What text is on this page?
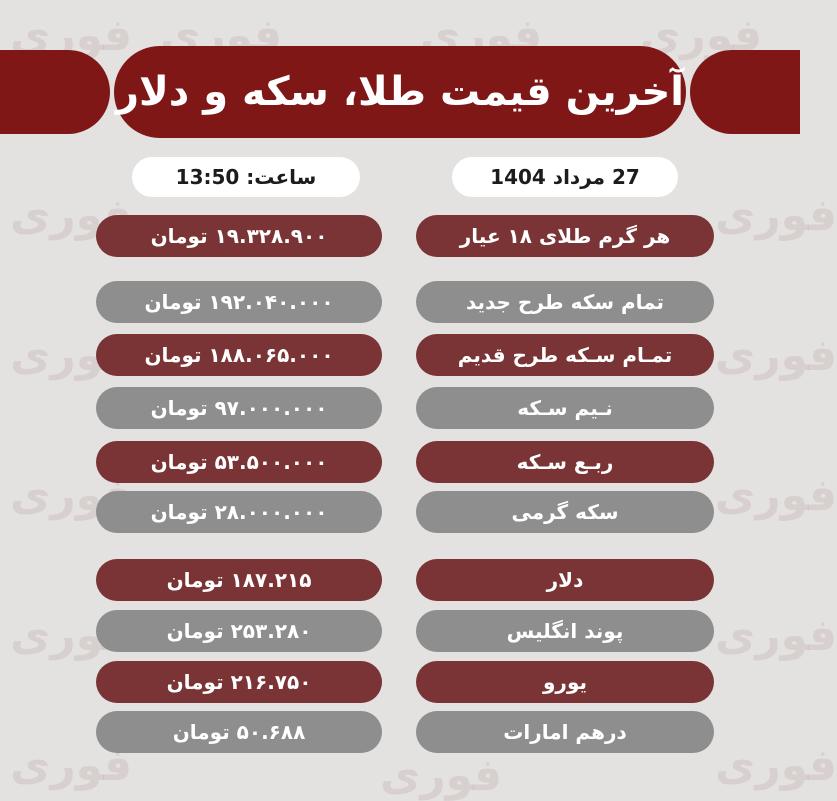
فوری فوری	فوری فوری
فوری	فوری
فوری	فوری
فوری	فوری
فوری	فوری
فوری	فوری	فوری
آخرین قیمت طلا، سکه و دلار
ساعت: 13:50	27 مرداد 1404
هر گرم طلای ۱۸ عیار
۱۹.۳۲۸.۹۰۰ تومان
تمام سکه طرح جدید
۱۹۲.۰۴۰.۰۰۰ تومان
تمـام سـکه طرح قدیم
۱۸۸.۰۶۵.۰۰۰ تومان
نـیم سـکه
۹۷.۰۰۰.۰۰۰ تومان
ربـع سـکه
۵۳.۵۰۰.۰۰۰ تومان
سکه گرمی
۲۸.۰۰۰.۰۰۰ تومان
دلار
۱۸۷.۲۱۵ تومان
پوند انگلیس
۲۵۳.۲۸۰ تومان
یورو
۲۱۶.۷۵۰ تومان
درهم امارات
۵۰.۶۸۸ تومان
